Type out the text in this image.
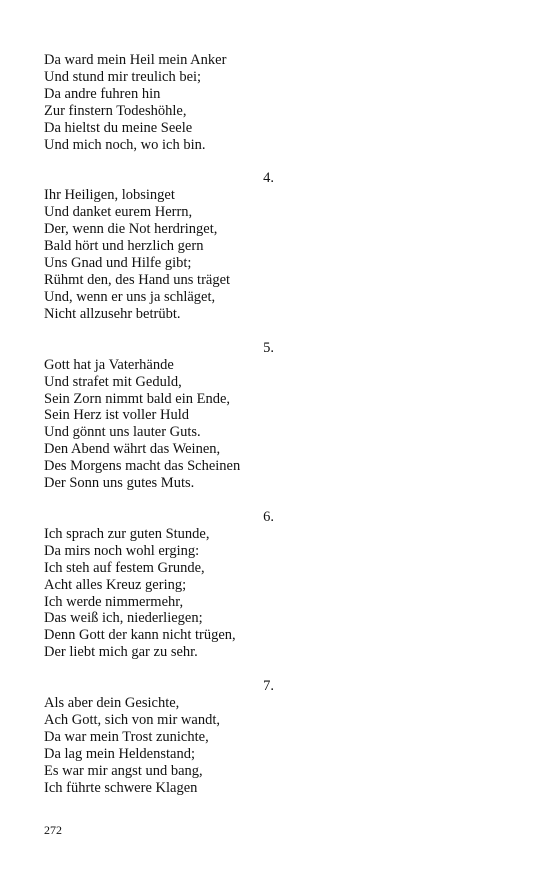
Da ward mein Heil mein Anker

Und stund mir treulich bei;

Da andre fuhren hin

Zur finstern Todeshöhle,

Da hieltst du meine Seele

Und mich noch, wo ich bin.

4.

Ihr Heiligen, lobsinget

Und danket eurem Herrn,

Der, wenn die Not herdringet,

Bald hört und herzlich gern

Uns Gnad und Hilfe gibt;

Rühmt den, des Hand uns träget

Und, wenn er uns ja schläget,

Nicht allzusehr betrübt.

5.

Gott hat ja Vaterhände

Und strafet mit Geduld,

Sein Zorn nimmt bald ein Ende,

Sein Herz ist voller Huld

Und gönnt uns lauter Guts.

Den Abend währt das Weinen,

Des Morgens macht das Scheinen

Der Sonn uns gutes Muts.

6.

Ich sprach zur guten Stunde,

Da mirs noch wohl erging:

Ich steh auf festem Grunde,

Acht alles Kreuz gering;

Ich werde nimmermehr,

Das weiß ich, niederliegen;

Denn Gott der kann nicht trügen,

Der liebt mich gar zu sehr.

7.

Als aber dein Gesichte,

Ach Gott, sich von mir wandt,

Da war mein Trost zunichte,

Da lag mein Heldenstand;

Es war mir angst und bang,

Ich führte schwere Klagen

272
